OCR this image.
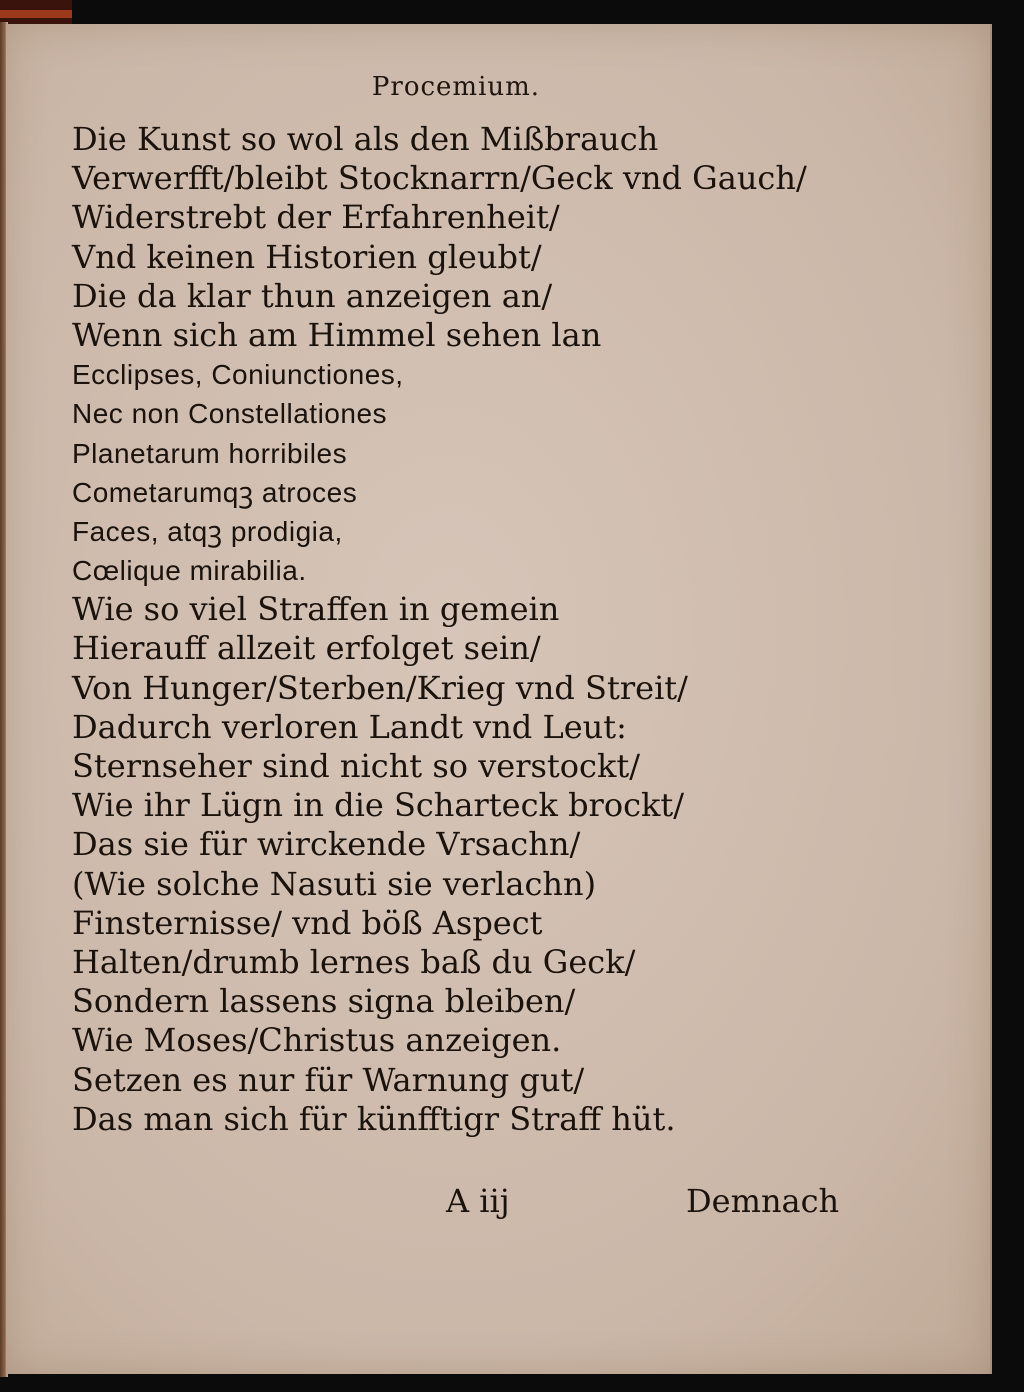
Procemium.
Die Kunst so wol als den Mißbrauch
Verwerfft/bleibt Stocknarrn/Geck vnd Gauch/
Widerstrebt der Erfahrenheit/
Vnd keinen Historien gleubt/
Die da klar thun anzeigen an/
Wenn sich am Himmel sehen lan
Ecclipses, Coniunctiones,
Nec non Constellationes
Planetarum horribiles
Cometarumqꝫ atroces
Faces, atqꝫ prodigia,
Cœlique mirabilia.
Wie so viel Straffen in gemein
Hierauff allzeit erfolget sein/
Von Hunger/Sterben/Krieg vnd Streit/
Dadurch verloren Landt vnd Leut:
Sternseher sind nicht so verstockt/
Wie ihr Lügn in die Scharteck brockt/
Das sie für wirckende Vrsachn/
(Wie solche Nasuti sie verlachn)
Finsternisse/ vnd böß Aspect
Halten/drumb lernes baß du Geck/
Sondern lassens signa bleiben/
Wie Moses/Christus anzeigen.
Setzen es nur für Warnung gut/
Das man sich für künfftigr Straff hüt.
A iij	Demnach
